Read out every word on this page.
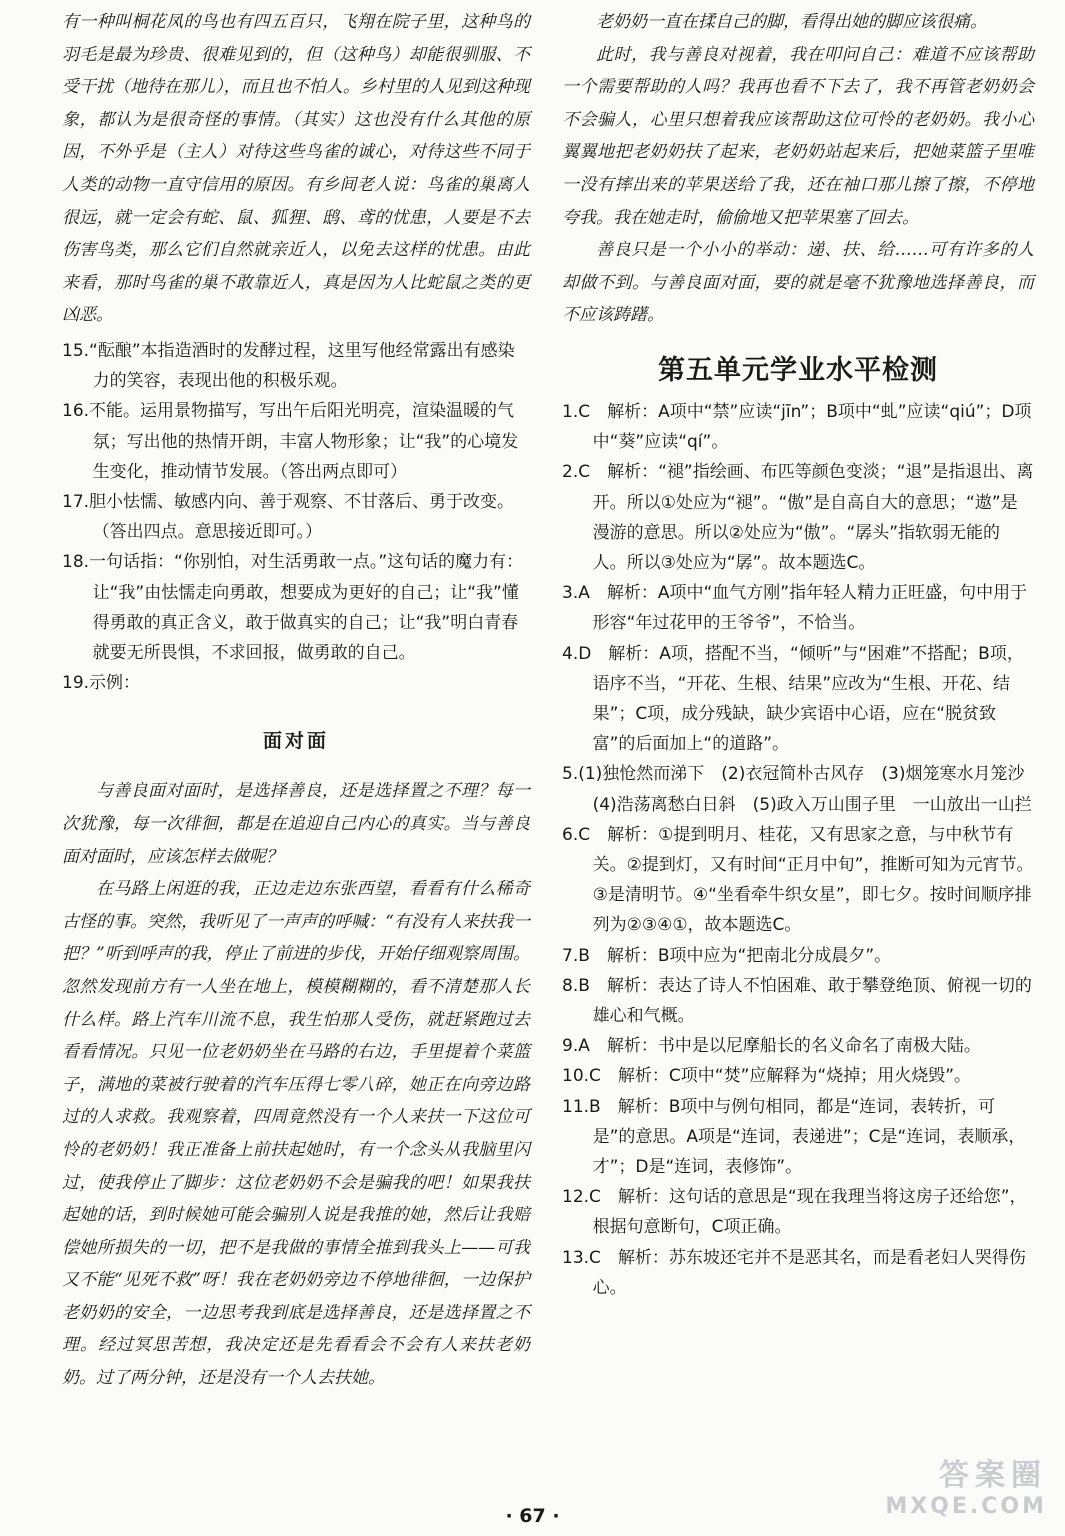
有一种叫桐花凤的鸟也有四五百只，飞翔在院子里，这种鸟的羽毛是最为珍贵、很难见到的，但（这种鸟）却能很驯服、不受干扰（地待在那儿），而且也不怕人。乡村里的人见到这种现象，都认为是很奇怪的事情。（其实）这也没有什么其他的原因，不外乎是（主人）对待这些鸟雀的诚心，对待这些不同于人类的动物一直守信用的原因。有乡间老人说：鸟雀的巢离人很远，就一定会有蛇、鼠、狐狸、鸱、鸢的忧患，人要是不去伤害鸟类，那么它们自然就亲近人，以免去这样的忧患。由此来看，那时鸟雀的巢不敢靠近人，真是因为人比蛇鼠之类的更凶恶。

15.“酝酿”本指造酒时的发酵过程，这里写他经常露出有感染力的笑容，表现出他的积极乐观。

16.不能。运用景物描写，写出午后阳光明亮，渲染温暖的气氛；写出他的热情开朗，丰富人物形象；让“我”的心境发生变化，推动情节发展。（答出两点即可）

17.胆小怯懦、敏感内向、善于观察、不甘落后、勇于改变。（答出四点。意思接近即可。）

18.一句话指：“你别怕，对生活勇敢一点。”这句话的魔力有：让“我”由怯懦走向勇敢，想要成为更好的自己；让“我”懂得勇敢的真正含义，敢于做真实的自己；让“我”明白青春就要无所畏惧，不求回报，做勇敢的自己。

19.示例：

面对面

与善良面对面时，是选择善良，还是选择置之不理？每一次犹豫，每一次徘徊，都是在追迎自己内心的真实。当与善良面对面时，应该怎样去做呢？

在马路上闲逛的我，正边走边东张西望，看看有什么稀奇古怪的事。突然，我听见了一声声的呼喊：“有没有人来扶我一把？”听到呼声的我，停止了前进的步伐，开始仔细观察周围。忽然发现前方有一人坐在地上，模模糊糊的，看不清楚那人长什么样。路上汽车川流不息，我生怕那人受伤，就赶紧跑过去看看情况。只见一位老奶奶坐在马路的右边，手里提着个菜篮子，满地的菜被行驶着的汽车压得七零八碎，她正在向旁边路过的人求救。我观察着，四周竟然没有一个人来扶一下这位可怜的老奶奶！我正准备上前扶起她时，有一个念头从我脑里闪过，使我停止了脚步：这位老奶奶不会是骗我的吧！如果我扶起她的话，到时候她可能会骗别人说是我推的她，然后让我赔偿她所损失的一切，把不是我做的事情全推到我头上——可我又不能“见死不救”呀！我在老奶奶旁边不停地徘徊，一边保护老奶奶的安全，一边思考我到底是选择善良，还是选择置之不理。经过冥思苦想，我决定还是先看看会不会有人来扶老奶奶。过了两分钟，还是没有一个人去扶她。

老奶奶一直在揉自己的脚，看得出她的脚应该很痛。

此时，我与善良对视着，我在叩问自己：难道不应该帮助一个需要帮助的人吗？我再也看不下去了，我不再管老奶奶会不会骗人，心里只想着我应该帮助这位可怜的老奶奶。我小心翼翼地把老奶奶扶了起来，老奶奶站起来后，把她菜篮子里唯一没有摔出来的苹果送给了我，还在袖口那儿擦了擦，不停地夸我。我在她走时，偷偷地又把苹果塞了回去。

善良只是一个小小的举动：递、扶、给……可有许多的人却做不到。与善良面对面，要的就是毫不犹豫地选择善良，而不应该踌躇。

第五单元学业水平检测

1.C　解析：A项中“禁”应读“jīn”；B项中“虬”应读“qiú”；D项中“葵”应读“qí”。

2.C　解析：“褪”指绘画、布匹等颜色变淡；“退”是指退出、离开。所以①处应为“褪”。“傲”是自高自大的意思；“遨”是漫游的意思。所以②处应为“傲”。“孱头”指软弱无能的人。所以③处应为“孱”。故本题选C。

3.A　解析：A项中“血气方刚”指年轻人精力正旺盛，句中用于形容“年过花甲的王爷爷”，不恰当。

4.D　解析：A项，搭配不当，“倾听”与“困难”不搭配；B项，语序不当，“开花、生根、结果”应改为“生根、开花、结果”；C项，成分残缺，缺少宾语中心语，应在“脱贫致富”的后面加上“的道路”。

5.(1)独怆然而涕下　(2)衣冠简朴古风存　(3)烟笼寒水月笼沙　(4)浩荡离愁白日斜　(5)政入万山围子里　一山放出一山拦

6.C　解析：①提到明月、桂花，又有思家之意，与中秋节有关。②提到灯，又有时间“正月中旬”，推断可知为元宵节。③是清明节。④“坐看牵牛织女星”，即七夕。按时间顺序排列为②③④①，故本题选C。

7.B　解析：B项中应为“把南北分成晨夕”。

8.B　解析：表达了诗人不怕困难、敢于攀登绝顶、俯视一切的雄心和气概。

9.A　解析：书中是以尼摩船长的名义命名了南极大陆。

10.C　解析：C项中“焚”应解释为“烧掉；用火烧毁”。

11.B　解析：B项中与例句相同，都是“连词，表转折，可是”的意思。A项是“连词，表递进”；C是“连词，表顺承，才”；D是“连词，表修饰”。

12.C　解析：这句话的意思是“现在我理当将这房子还给您”，根据句意断句，C项正确。

13.C　解析：苏东坡还宅并不是恶其名，而是看老妇人哭得伤心。

· 67 ·
答案圈
MXQE.COM
